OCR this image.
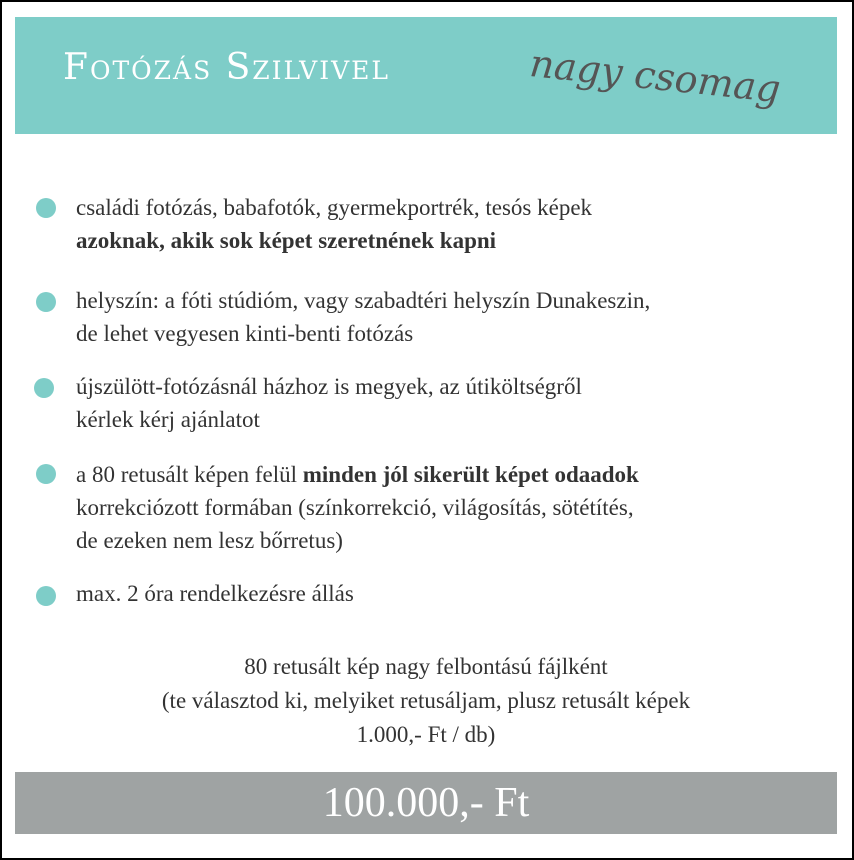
Fotózás Szilvivel	nagy csomag
családi fotózás, babafotók, gyermekportrék, tesós képek
azoknak, akik sok képet szeretnének kapni
helyszín: a fóti stúdióm, vagy szabadtéri helyszín Dunakeszin,
de lehet vegyesen kinti-benti fotózás
újszülött-fotózásnál házhoz is megyek, az útiköltségről
kérlek kérj ajánlatot
a 80 retusált képen felül minden jól sikerült képet odaadok
korrekciózott formában (színkorrekció, világosítás, sötétítés,
de ezeken nem lesz bőrretus)
max. 2 óra rendelkezésre állás
80 retusált kép nagy felbontású fájlként
(te választod ki, melyiket retusáljam, plusz retusált képek
1.000,- Ft / db)
100.000,- Ft
